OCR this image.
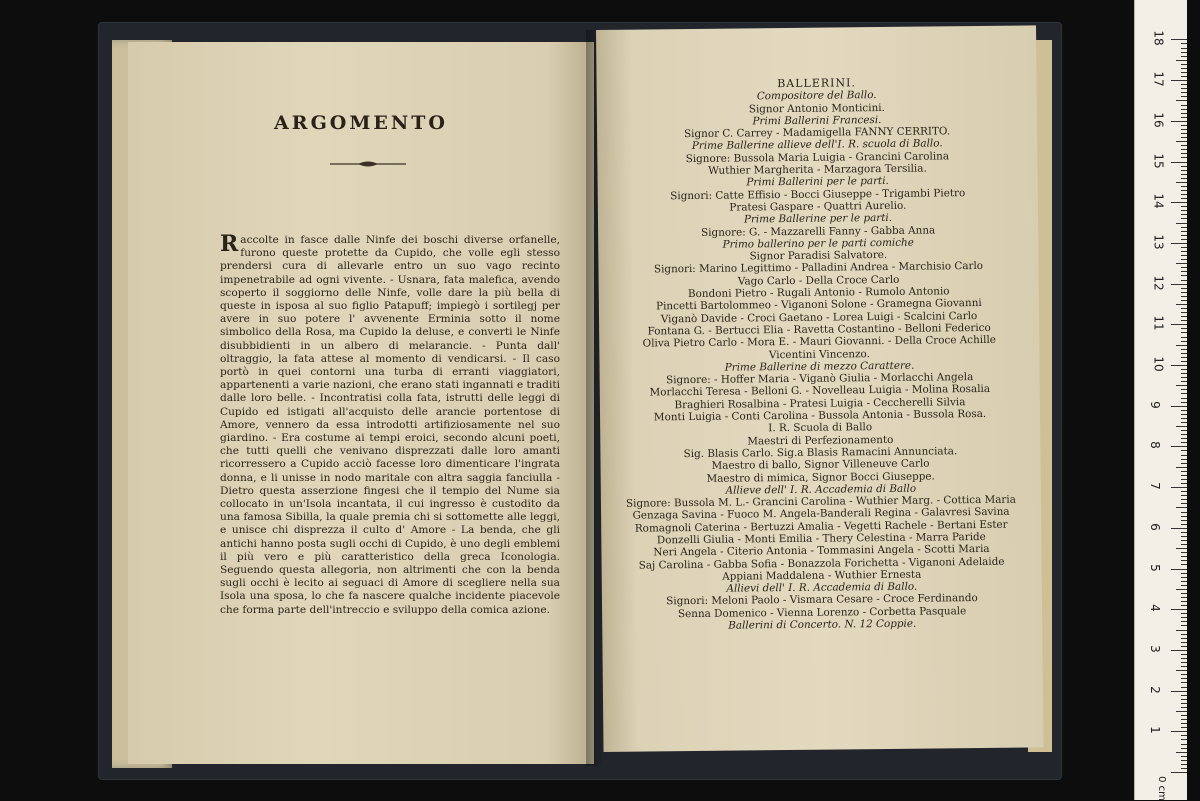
ARGOMENTO
Raccolte in fasce dalle Ninfe dei boschi diverse orfanelle, furono queste protette da Cupido, che volle egli stesso prendersi cura di allevarle entro un suo vago recinto impenetrabile ad ogni vivente. - Usnara, fata malefica, avendo scoperto il soggiorno delle Ninfe, volle dare la più bella di queste in isposa al suo figlio Patapuff; impiegò i sortilegj per avere in suo potere l' avvenente Erminia sotto il nome simbolico della Rosa, ma Cupido la deluse, e converti le Ninfe disubbidienti in un albero di melarancie. - Punta dall' oltraggio, la fata attese al momento di vendicarsi. - Il caso portò in quei contorni una turba di erranti viaggiatori, appartenenti a varie nazioni, che erano stati ingannati e traditi dalle loro belle. - Incontratisi colla fata, istrutti delle leggi di Cupido ed istigati all'acquisto delle arancie portentose di Amore, vennero da essa introdotti artifiziosamente nel suo giardino. - Era costume ai tempi eroici, secondo alcuni poeti, che tutti quelli che venivano disprezzati dalle loro amanti ricorressero a Cupido acciò facesse loro dimenticare l'ingrata donna, e li unisse in nodo maritale con altra saggia fanciulla - Dietro questa asserzione fingesi che il tempio del Nume sia collocato in un'Isola incantata, il cui ingresso è custodito da una famosa Sibilla, la quale premia chi si sottomette alle leggi, e unisce chi disprezza il culto d' Amore - La benda, che gli antichi hanno posta sugli occhi di Cupido, è uno degli emblemi il più vero e più caratteristico della greca Iconologia. Seguendo questa allegoria, non altrimenti che con la benda sugli occhi è lecito ai seguaci di Amore di scegliere nella sua Isola una sposa, lo che fa nascere qualche incidente piacevole che forma parte dell'intreccio e sviluppo della comica azione.
BALLERINI.
Compositore del Ballo.
Signor Antonio Monticini.
Primi Ballerini Francesi.
Signor C. Carrey - Madamigella FANNY CERRITO.
Prime Ballerine allieve dell'I. R. scuola di Ballo.
Signore: Bussola Maria Luigia - Grancini Carolina
Wuthier Margherita - Marzagora Tersilia.
Primi Ballerini per le parti.
Signori: Catte Effisio - Bocci Giuseppe - Trigambi Pietro
Pratesi Gaspare - Quattri Aurelio.
Prime Ballerine per le parti.
Signore: G. - Mazzarelli Fanny - Gabba Anna
Primo ballerino per le parti comiche
Signor Paradisi Salvatore.
Signori: Marino Legittimo - Palladini Andrea - Marchisio Carlo
Vago Carlo - Della Croce Carlo
Bondoni Pietro - Rugali Antonio - Rumolo Antonio
Pincetti Bartolommeo - Viganoni Solone - Gramegna Giovanni
Viganò Davide - Croci Gaetano - Lorea Luigi - Scalcini Carlo
Fontana G. - Bertucci Elia - Ravetta Costantino - Belloni Federico
Oliva Pietro Carlo - Mora E. - Mauri Giovanni. - Della Croce Achille
Vicentini Vincenzo.
Prime Ballerine di mezzo Carattere.
Signore: - Hoffer Maria - Viganò Giulia - Morlacchi Angela
Morlacchi Teresa - Belloni G. - Novelleau Luigia - Molina Rosalia
Braghieri Rosalbina - Pratesi Luigia - Ceccherelli Silvia
Monti Luigia - Conti Carolina - Bussola Antonia - Bussola Rosa.
I. R. Scuola di Ballo
Maestri di Perfezionamento
Sig. Blasis Carlo. Sig.a Blasis Ramacini Annunciata.
Maestro di ballo, Signor Villeneuve Carlo
Maestro di mimica, Signor Bocci Giuseppe.
Allieve dell' I. R. Accademia di Ballo
Signore: Bussola M. L.- Grancini Carolina - Wuthier Marg. - Cottica Maria
Genzaga Savina - Fuoco M. Angela-Banderali Regina - Galavresi Savina
Romagnoli Caterina - Bertuzzi Amalia - Vegetti Rachele - Bertani Ester
Donzelli Giulia - Monti Emilia - Thery Celestina - Marra Paride
Neri Angela - Citerio Antonia - Tommasini Angela - Scotti Maria
Saj Carolina - Gabba Sofia - Bonazzola Forichetta - Viganoni Adelaide
Appiani Maddalena - Wuthier Ernesta
Allievi dell' I. R. Accademia di Ballo.
Signori: Meloni Paolo - Vismara Cesare - Croce Ferdinando
Senna Domenico - Vienna Lorenzo - Corbetta Pasquale
Ballerini di Concerto. N. 12 Coppie.
1
2
3
4
5
6
7
8
9
10
11
12
13
14
15
16
17
18
0 cm
